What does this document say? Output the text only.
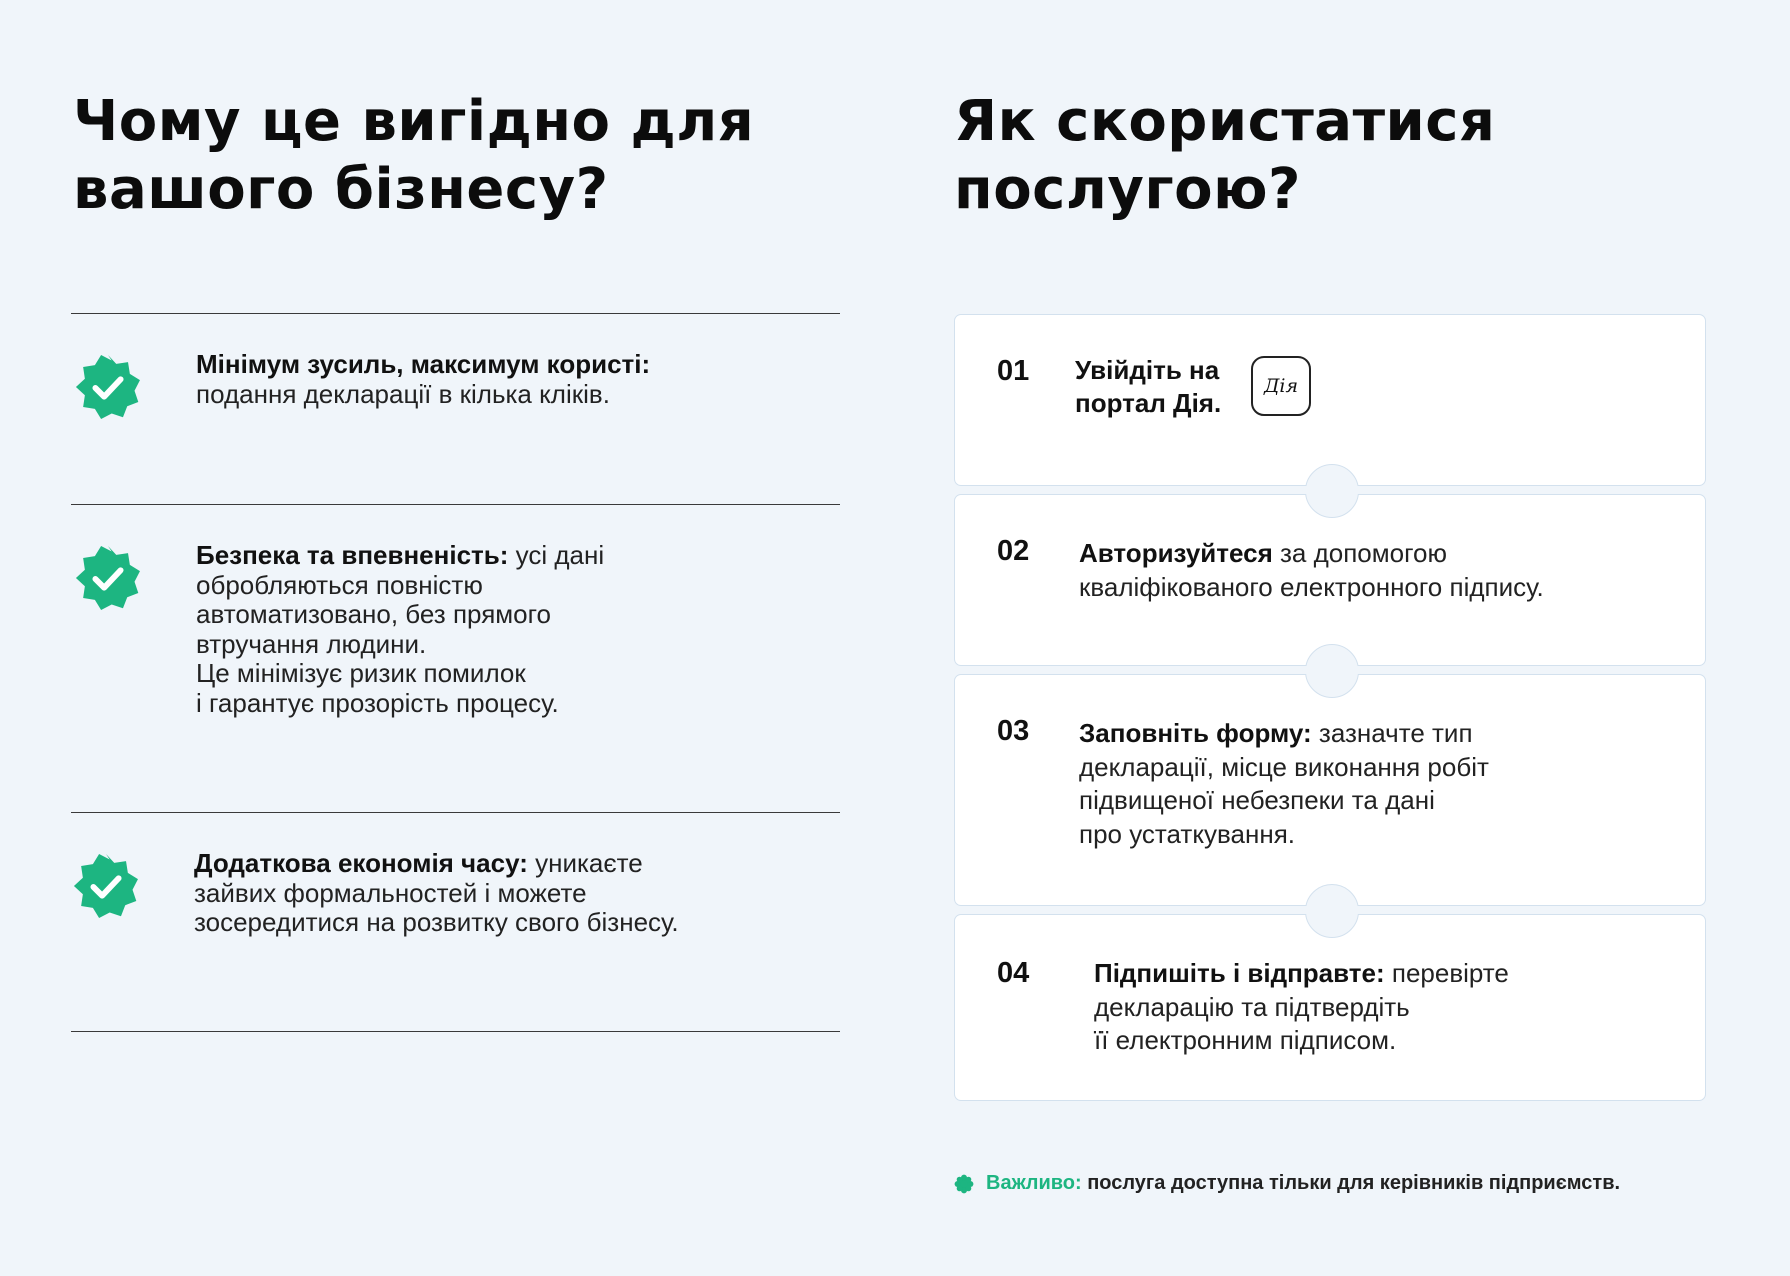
Чому це вигідно для
вашого бізнесу?
Як скористатися
послугою?
Мінімум зусиль, максимум користі:
подання декларації в кілька кліків.
Безпека та впевненість: усі дані
обробляються повністю
автоматизовано, без прямого
втручання людини.
Це мінімізує ризик помилок
і гарантує прозорість процесу.
Додаткова економія часу: уникаєте
зайвих формальностей і можете
зосередитися на розвитку свого бізнесу.
01 Увійдіть на
портал Дія.
Дія
02 Авторизуйтеся за допомогою
кваліфікованого електронного підпису.
03 Заповніть форму: зазначте тип
декларації, місце виконання робіт
підвищеної небезпеки та дані
про устаткування.
04 Підпишіть і відправте: перевірте
декларацію та підтвердіть
її електронним підписом.
Важливо: послуга доступна тільки для керівників підприємств.
